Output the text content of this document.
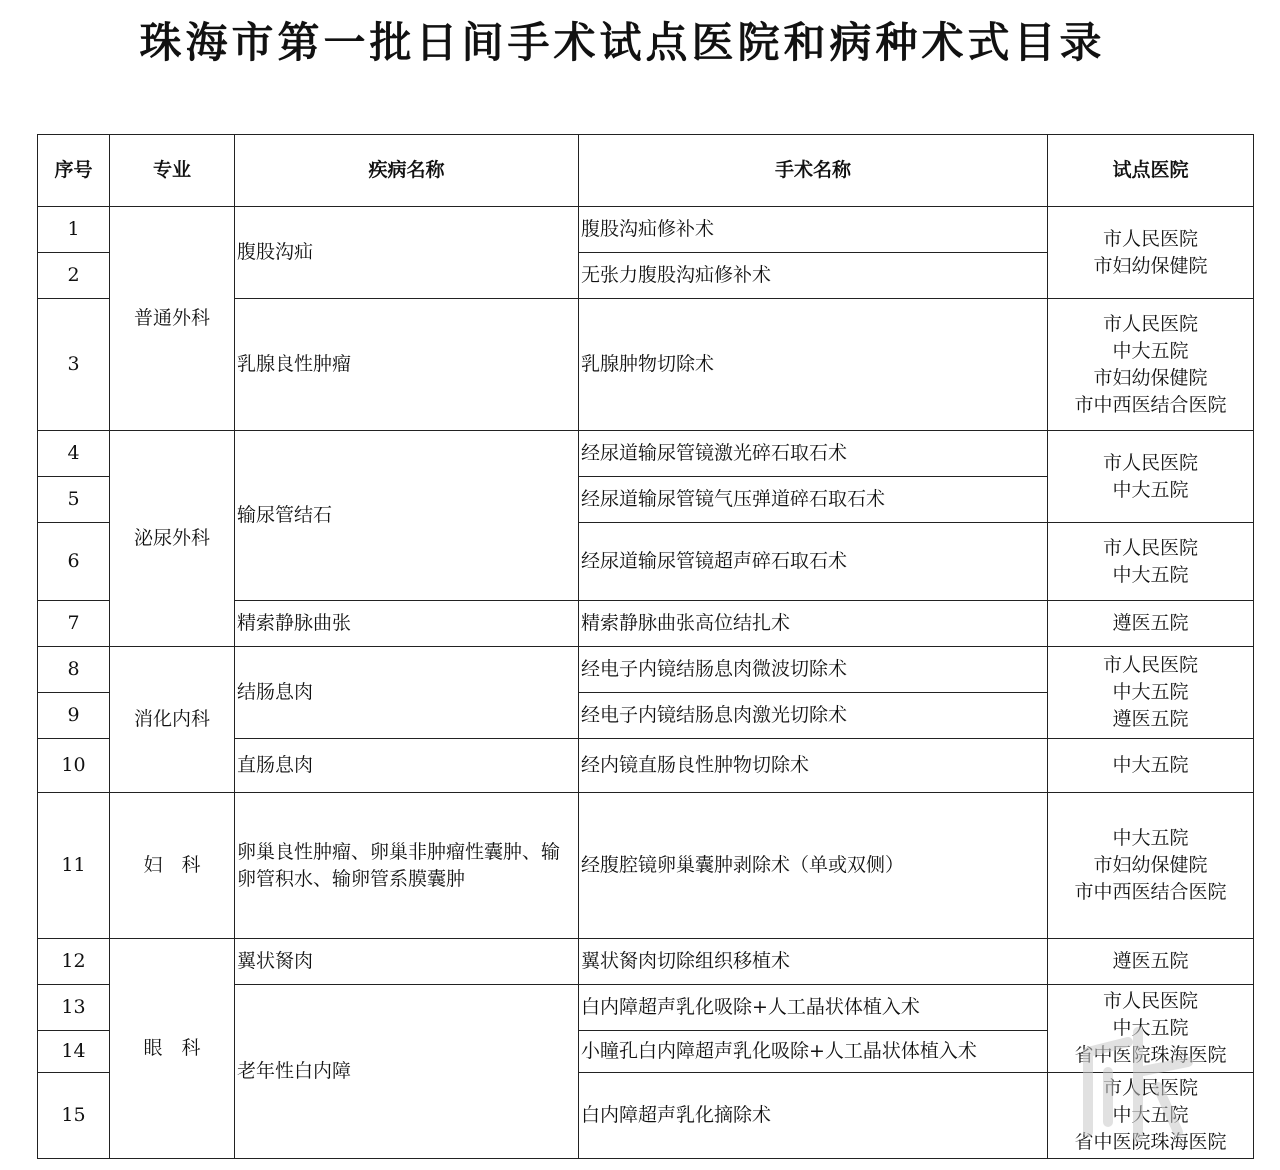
珠海市第一批日间手术试点医院和病种术式目录
序号	专业	疾病名称	手术名称	试点医院
1	普通外科	腹股沟疝	腹股沟疝修补术	市人民医院
市妇幼保健院

2			无张力腹股沟疝修补术	
3		乳腺良性肿瘤	乳腺肿物切除术	市人民医院
中大五院
市妇幼保健院
市中西医结合医院

4	泌尿外科	输尿管结石	经尿道输尿管镜激光碎石取石术	市人民医院
中大五院

5			经尿道输尿管镜气压弹道碎石取石术	
6			经尿道输尿管镜超声碎石取石术	市人民医院
中大五院

7		精索静脉曲张	精索静脉曲张高位结扎术	遵医五院

8	消化内科	结肠息肉	经电子内镜结肠息肉微波切除术	市人民医院
中大五院
遵医五院

9			经电子内镜结肠息肉激光切除术	
10		直肠息肉	经内镜直肠良性肿物切除术	中大五院

11	妇　科	卵巢良性肿瘤、卵巢非肿瘤性囊肿、输卵管积水、输卵管系膜囊肿	经腹腔镜卵巢囊肿剥除术（单或双侧）	中大五院
市妇幼保健院
市中西医结合医院

12	眼　科	翼状胬肉	翼状胬肉切除组织移植术	遵医五院

13		老年性白内障	白内障超声乳化吸除+人工晶状体植入术	市人民医院
中大五院
省中医院珠海医院

14			小瞳孔白内障超声乳化吸除+人工晶状体植入术	
15			白内障超声乳化摘除术	市人民医院
中大五院
省中医院珠海医院
